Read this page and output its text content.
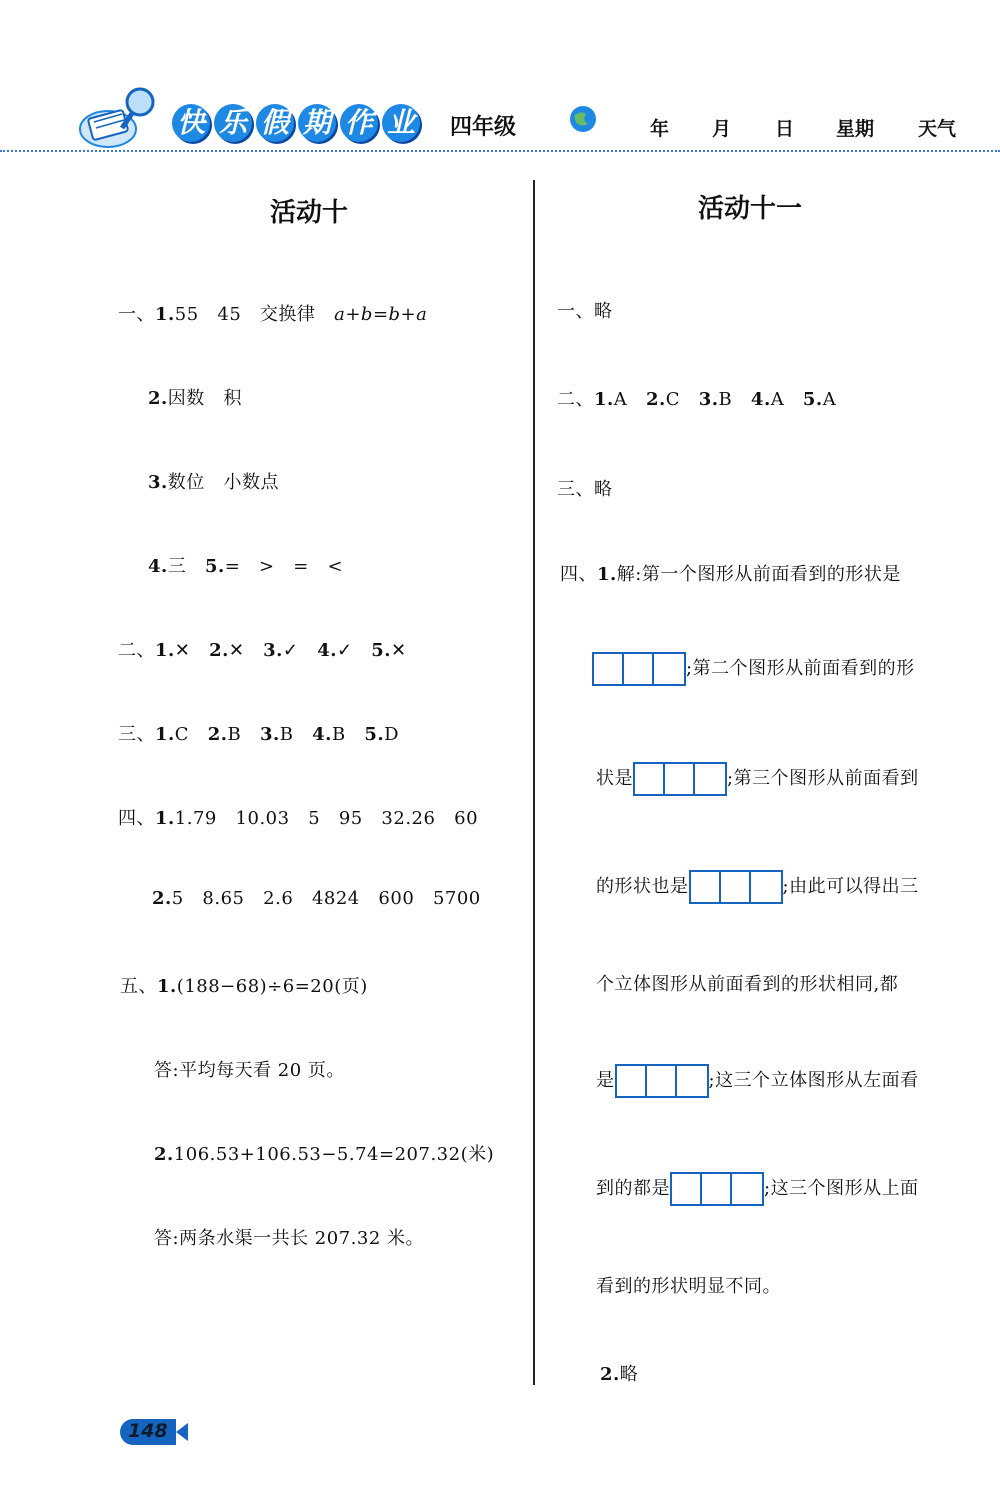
快 乐 假 期 作 业 四年级	年 月 日 星期 天气
活动十
一、1.55   45   交换律   a+b=b+a
2.因数   积
3.数位   小数点
4.三   5.=   >   =   <
二、1.✕ 2.✕ 3.✓ 4.✓ 5.✕
三、1.C 2.B 3.B 4.B 5.D
四、1.1.79   10.03   5   95   32.26   60
2.5   8.65   2.6   4824   600   5700
五、1.(188−68)÷6=20(页)
答:平均每天看 20 页。
2.106.53+106.53−5.74=207.32(米)
答:两条水渠一共长 207.32 米。
活动十一
一、略
二、1.A 2.C 3.B 4.A 5.A
三、略
四、1.解:第一个图形从前面看到的形状是
;第二个图形从前面看到的形
状是	;第三个图形从前面看到
的形状也是	;由此可以得出三
个立体图形从前面看到的形状相同,都
是	;这三个立体图形从左面看
到的都是	;这三个图形从上面
看到的形状明显不同。
2.略
148
